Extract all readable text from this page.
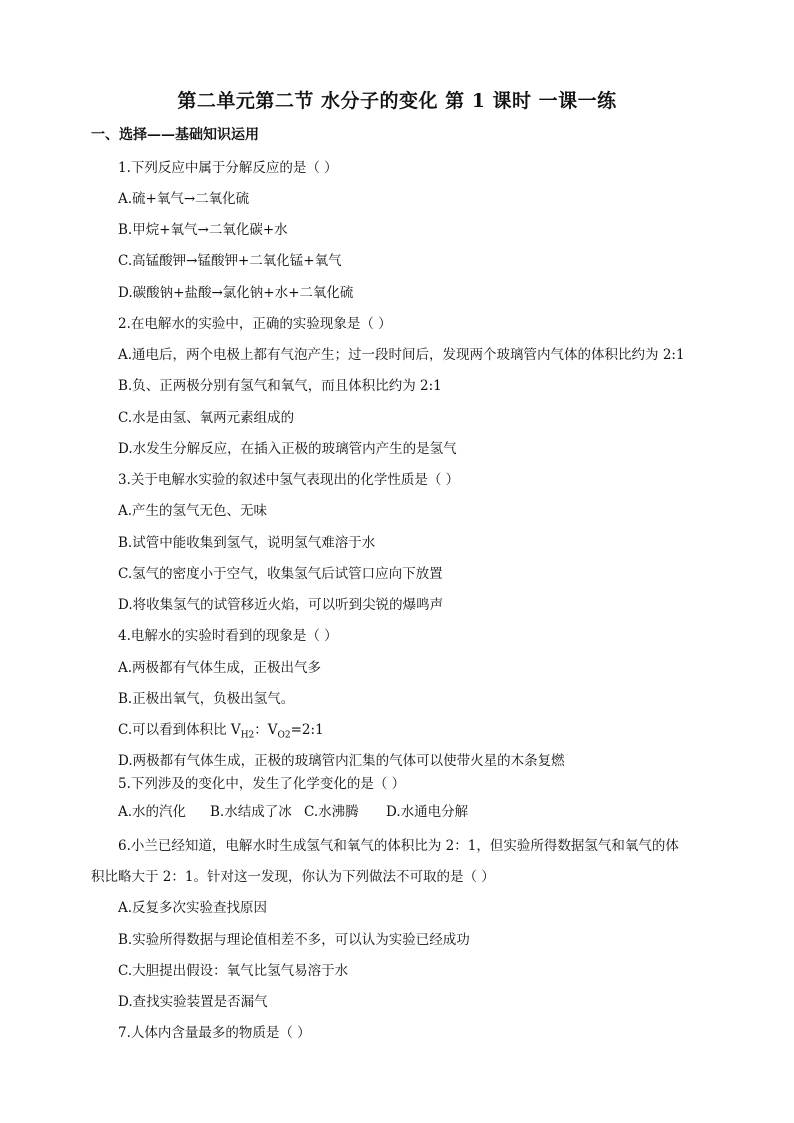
第二单元第二节 水分子的变化 第 1 课时 一课一练
一、选择——基础知识运用
1.下列反应中属于分解反应的是（ ）
A.硫+氧气→二氧化硫
B.甲烷+氧气→二氧化碳+水
C.高锰酸钾→锰酸钾+二氧化锰+氧气
D.碳酸钠+盐酸→氯化钠+水+二氧化硫
2.在电解水的实验中，正确的实验现象是（ ）
A.通电后，两个电极上都有气泡产生；过一段时间后，发现两个玻璃管内气体的体积比约为 2:1
B.负、正两极分别有氢气和氧气，而且体积比约为 2:1
C.水是由氢、氧两元素组成的
D.水发生分解反应，在插入正极的玻璃管内产生的是氢气
3.关于电解水实验的叙述中氢气表现出的化学性质是（ ）
A.产生的氢气无色、无味
B.试管中能收集到氢气，说明氢气难溶于水
C.氢气的密度小于空气，收集氢气后试管口应向下放置
D.将收集氢气的试管移近火焰，可以听到尖锐的爆鸣声
4.电解水的实验时看到的现象是（ ）
A.两极都有气体生成，正极出气多
B.正极出氧气，负极出氢气。
C.可以看到体积比 $V_{H2}$：$V_{O2}=2:1$
D.两极都有气体生成，正极的玻璃管内汇集的气体可以使带火星的木条复燃
5.下列涉及的变化中，发生了化学变化的是（ ）
A.水的汽化 B.水结成了冰 C.水沸腾 D.水通电分解
6.小兰已经知道，电解水时生成氢气和氧气的体积比为 2：1，但实验所得数据氢气和氧气的体
积比略大于 2：1。针对这一发现，你认为下列做法不可取的是（ ）
A.反复多次实验查找原因
B.实验所得数据与理论值相差不多，可以认为实验已经成功
C.大胆提出假设：氧气比氢气易溶于水
D.查找实验装置是否漏气
7.人体内含量最多的物质是（ ）
